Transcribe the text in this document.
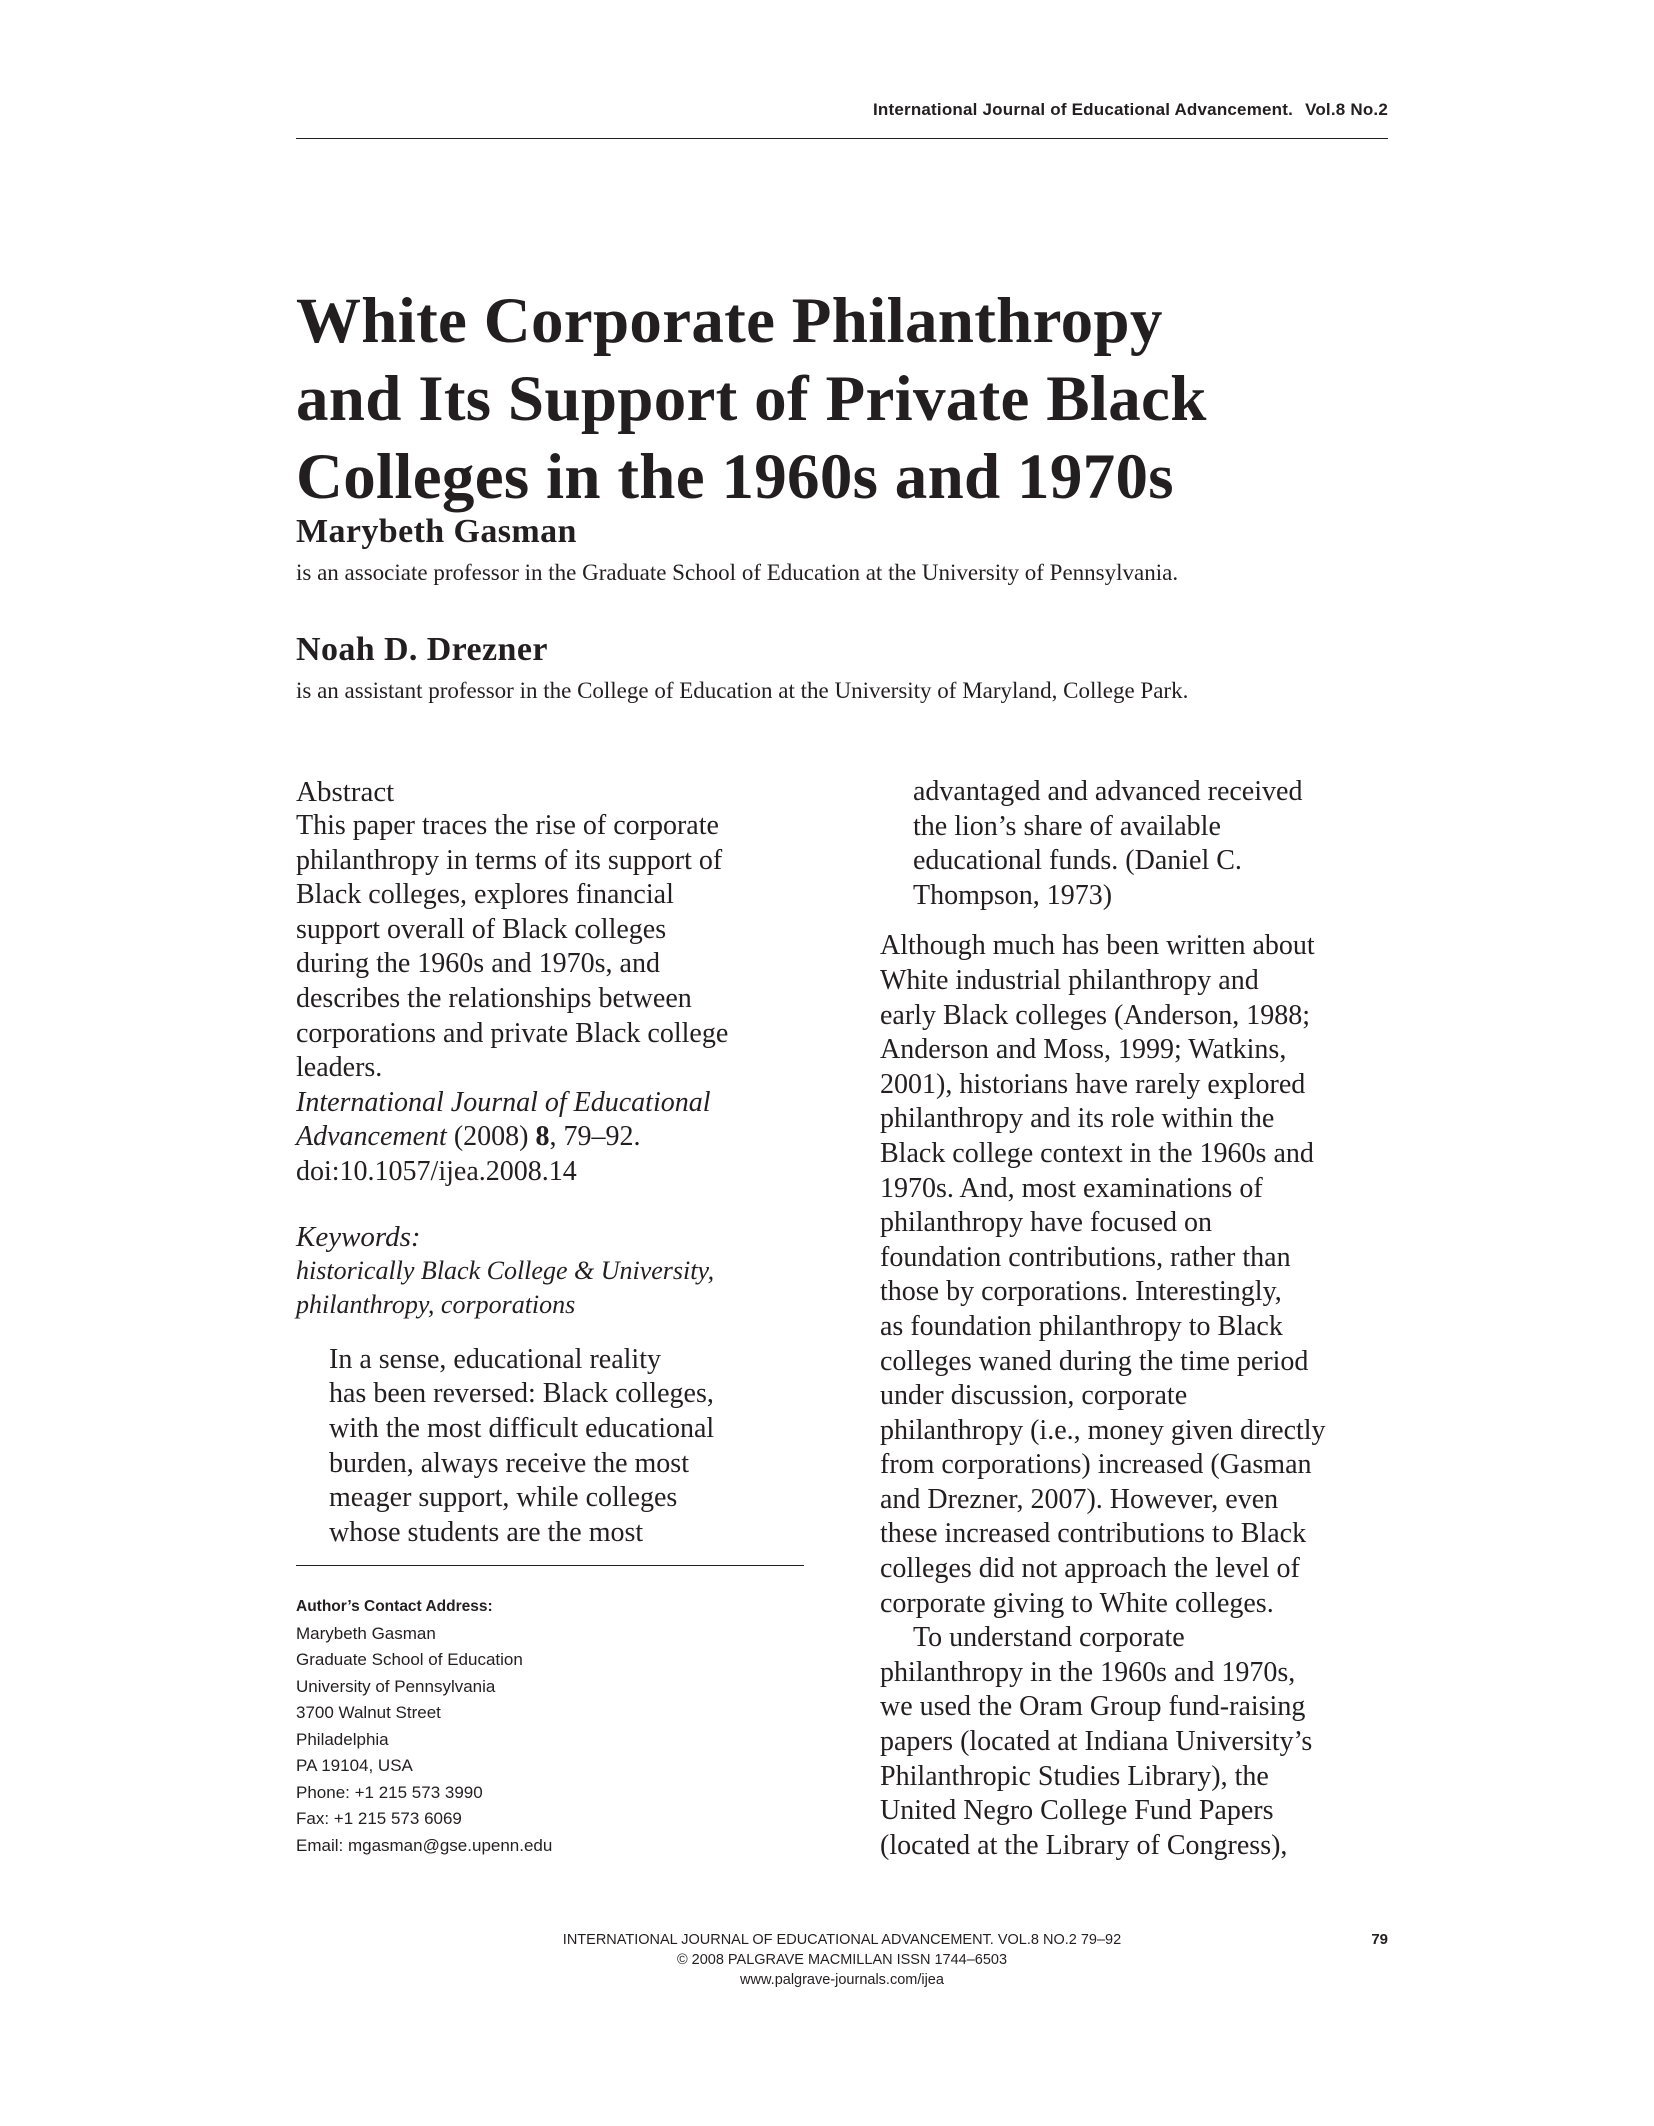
International Journal of Educational Advancement. Vol.8 No.2
White Corporate Philanthropy
and Its Support of Private Black
Colleges in the 1960s and 1970s
Marybeth Gasman
is an associate professor in the Graduate School of Education at the University of Pennsylvania.
Noah D. Drezner
is an assistant professor in the College of Education at the University of Maryland, College Park.
Abstract
This paper traces the rise of corporate
philanthropy in terms of its support of
Black colleges, explores financial
support overall of Black colleges
during the 1960s and 1970s, and
describes the relationships between
corporations and private Black college
leaders.
International Journal of Educational
Advancement (2008) 8, 79–92.
doi:10.1057/ijea.2008.14
Keywords:
historically Black College & University,
philanthropy, corporations
In a sense, educational reality
has been reversed: Black colleges,
with the most difficult educational
burden, always receive the most
meager support, while colleges
whose students are the most
Author’s Contact Address:
Marybeth Gasman
Graduate School of Education
University of Pennsylvania
3700 Walnut Street
Philadelphia
PA 19104, USA
Phone: +1 215 573 3990
Fax: +1 215 573 6069
Email: mgasman@gse.upenn.edu
advantaged and advanced received
the lion’s share of available
educational funds. (Daniel C.
Thompson, 1973)
Although much has been written about
White industrial philanthropy and
early Black colleges (Anderson, 1988;
Anderson and Moss, 1999; Watkins,
2001), historians have rarely explored
philanthropy and its role within the
Black college context in the 1960s and
1970s. And, most examinations of
philanthropy have focused on
foundation contributions, rather than
those by corporations. Interestingly,
as foundation philanthropy to Black
colleges waned during the time period
under discussion, corporate
philanthropy (i.e., money given directly
from corporations) increased (Gasman
and Drezner, 2007). However, even
these increased contributions to Black
colleges did not approach the level of
corporate giving to White colleges.
To understand corporate
philanthropy in the 1960s and 1970s,
we used the Oram Group fund-raising
papers (located at Indiana University’s
Philanthropic Studies Library), the
United Negro College Fund Papers
(located at the Library of Congress),
INTERNATIONAL JOURNAL OF EDUCATIONAL ADVANCEMENT. VOL.8 NO.2 79–92
© 2008 PALGRAVE MACMILLAN ISSN 1744–6503
www.palgrave-journals.com/ijea
79
